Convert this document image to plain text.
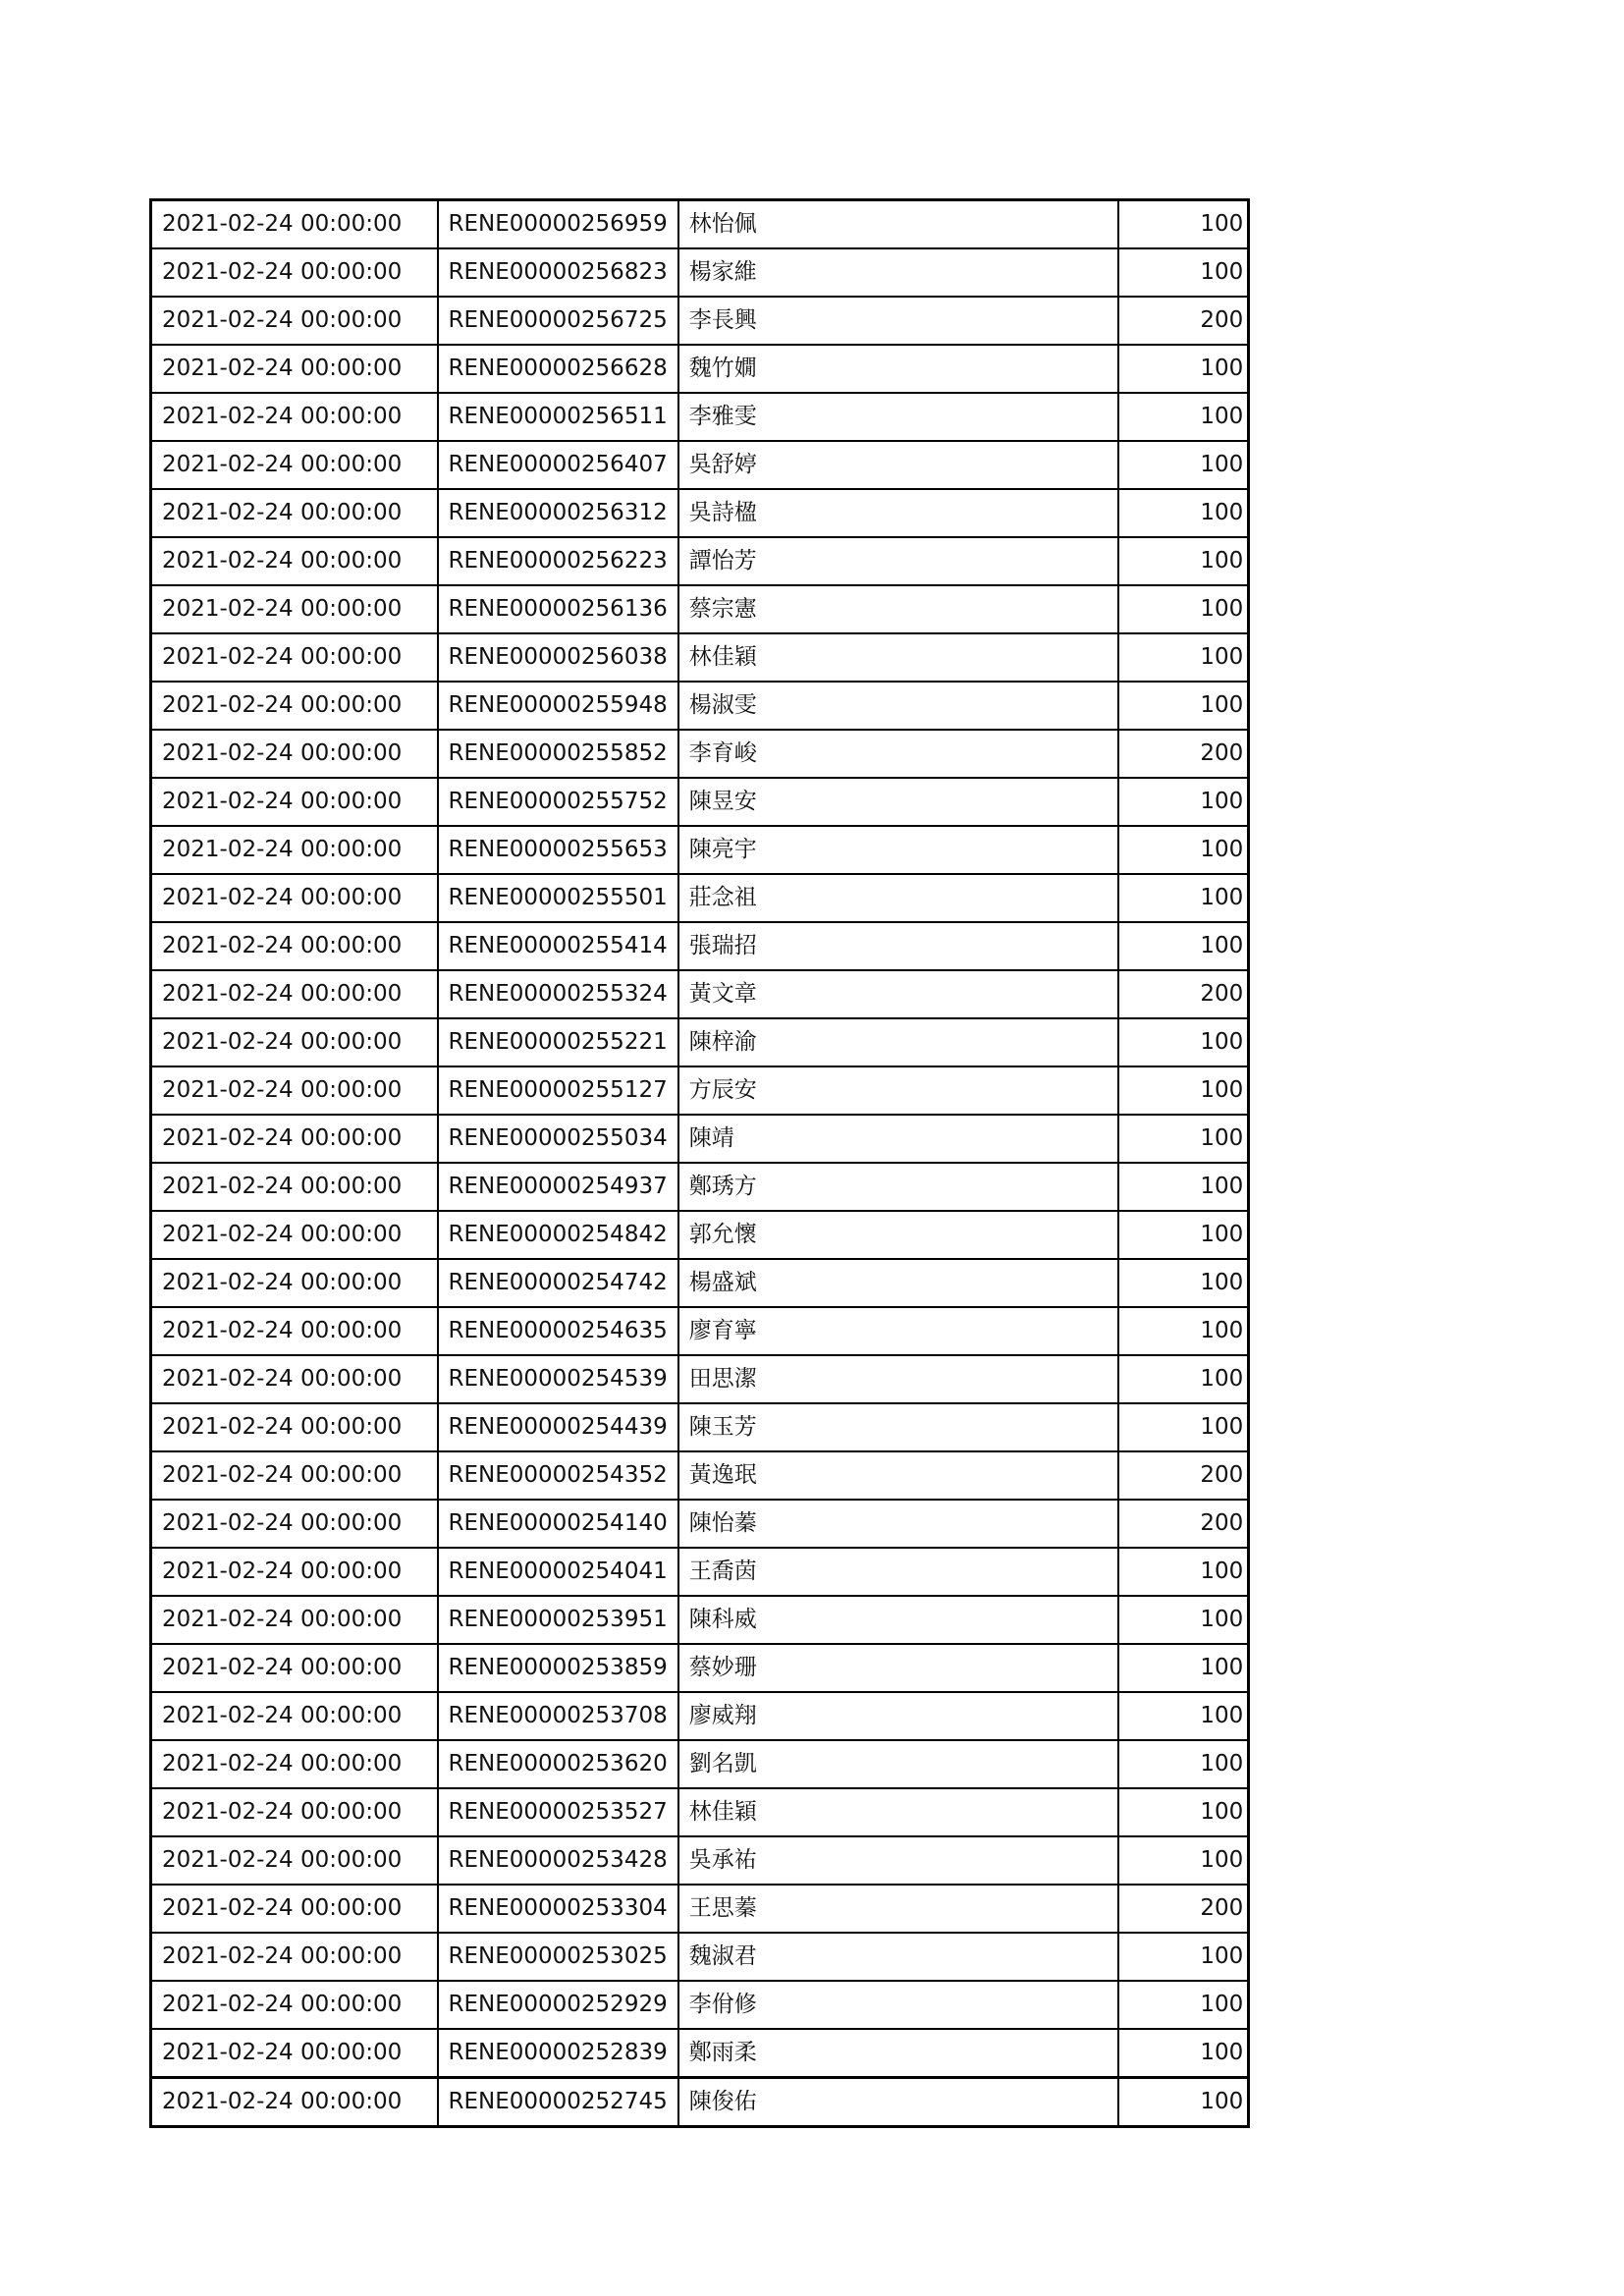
2021-02-24 00:00:00	RENE00000256959	林怡佩	100
2021-02-24 00:00:00	RENE00000256823	楊家維	100
2021-02-24 00:00:00	RENE00000256725	李長興	200
2021-02-24 00:00:00	RENE00000256628	魏竹嫺	100
2021-02-24 00:00:00	RENE00000256511	李雅雯	100
2021-02-24 00:00:00	RENE00000256407	吳舒婷	100
2021-02-24 00:00:00	RENE00000256312	吳詩楹	100
2021-02-24 00:00:00	RENE00000256223	譚怡芳	100
2021-02-24 00:00:00	RENE00000256136	蔡宗憲	100
2021-02-24 00:00:00	RENE00000256038	林佳穎	100
2021-02-24 00:00:00	RENE00000255948	楊淑雯	100
2021-02-24 00:00:00	RENE00000255852	李育峻	200
2021-02-24 00:00:00	RENE00000255752	陳昱安	100
2021-02-24 00:00:00	RENE00000255653	陳亮宇	100
2021-02-24 00:00:00	RENE00000255501	莊念祖	100
2021-02-24 00:00:00	RENE00000255414	張瑞招	100
2021-02-24 00:00:00	RENE00000255324	黃文章	200
2021-02-24 00:00:00	RENE00000255221	陳梓渝	100
2021-02-24 00:00:00	RENE00000255127	方辰安	100
2021-02-24 00:00:00	RENE00000255034	陳靖	100
2021-02-24 00:00:00	RENE00000254937	鄭琇方	100
2021-02-24 00:00:00	RENE00000254842	郭允懷	100
2021-02-24 00:00:00	RENE00000254742	楊盛斌	100
2021-02-24 00:00:00	RENE00000254635	廖育寧	100
2021-02-24 00:00:00	RENE00000254539	田思潔	100
2021-02-24 00:00:00	RENE00000254439	陳玉芳	100
2021-02-24 00:00:00	RENE00000254352	黃逸珉	200
2021-02-24 00:00:00	RENE00000254140	陳怡蓁	200
2021-02-24 00:00:00	RENE00000254041	王喬茵	100
2021-02-24 00:00:00	RENE00000253951	陳科威	100
2021-02-24 00:00:00	RENE00000253859	蔡妙珊	100
2021-02-24 00:00:00	RENE00000253708	廖威翔	100
2021-02-24 00:00:00	RENE00000253620	劉名凱	100
2021-02-24 00:00:00	RENE00000253527	林佳穎	100
2021-02-24 00:00:00	RENE00000253428	吳承祐	100
2021-02-24 00:00:00	RENE00000253304	王思蓁	200
2021-02-24 00:00:00	RENE00000253025	魏淑君	100
2021-02-24 00:00:00	RENE00000252929	李佾修	100
2021-02-24 00:00:00	RENE00000252839	鄭雨柔	100
2021-02-24 00:00:00	RENE00000252745	陳俊佑	100
